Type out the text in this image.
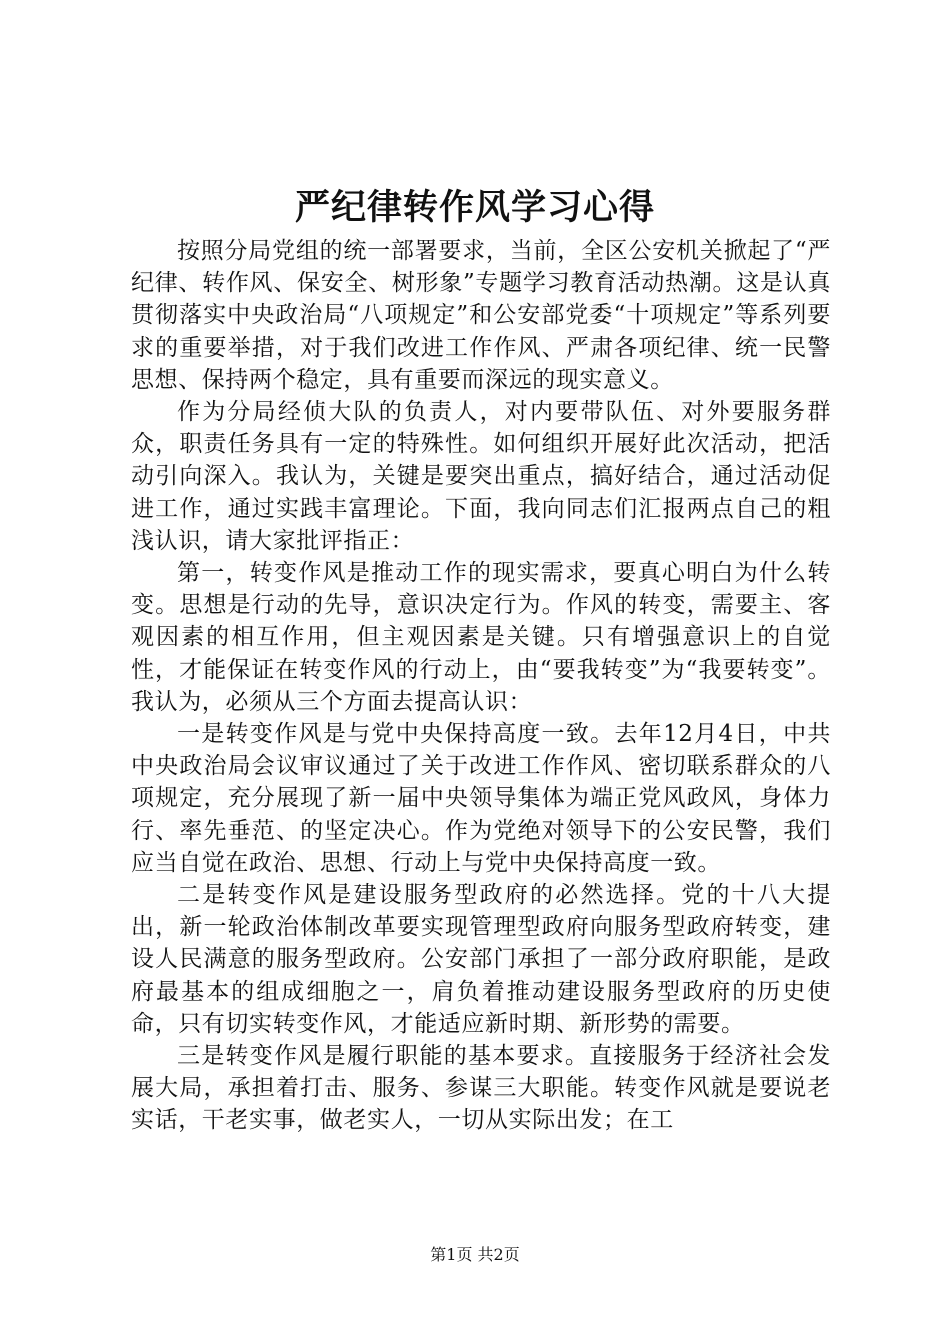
严纪律转作风学习心得

按照分局党组的统一部署要求，当前，全区公安机关掀起了“严纪律、转作风、保安全、树形象”专题学习教育活动热潮。这是认真贯彻落实中央政治局“八项规定”和公安部党委“十项规定”等系列要求的重要举措，对于我们改进工作作风、严肃各项纪律、统一民警思想、保持两个稳定，具有重要而深远的现实意义。

作为分局经侦大队的负责人，对内要带队伍、对外要服务群众，职责任务具有一定的特殊性。如何组织开展好此次活动，把活动引向深入。我认为，关键是要突出重点，搞好结合，通过活动促进工作，通过实践丰富理论。下面，我向同志们汇报两点自己的粗浅认识，请大家批评指正：

第一，转变作风是推动工作的现实需求，要真心明白为什么转变。思想是行动的先导，意识决定行为。作风的转变，需要主、客观因素的相互作用，但主观因素是关键。只有增强意识上的自觉性，才能保证在转变作风的行动上，由“要我转变”为“我要转变”。我认为，必须从三个方面去提高认识：

一是转变作风是与党中央保持高度一致。去年12月4日，中共中央政治局会议审议通过了关于改进工作作风、密切联系群众的八项规定，充分展现了新一届中央领导集体为端正党风政风，身体力行、率先垂范、的坚定决心。作为党绝对领导下的公安民警，我们应当自觉在政治、思想、行动上与党中央保持高度一致。

二是转变作风是建设服务型政府的必然选择。党的十八大提出，新一轮政治体制改革要实现管理型政府向服务型政府转变，建设人民满意的服务型政府。公安部门承担了一部分政府职能，是政府最基本的组成细胞之一，肩负着推动建设服务型政府的历史使命，只有切实转变作风，才能适应新时期、新形势的需要。

三是转变作风是履行职能的基本要求。直接服务于经济社会发展大局，承担着打击、服务、参谋三大职能。转变作风就是要说老实话，干老实事，做老实人，一切从实际出发；在工

第1页 共2页
